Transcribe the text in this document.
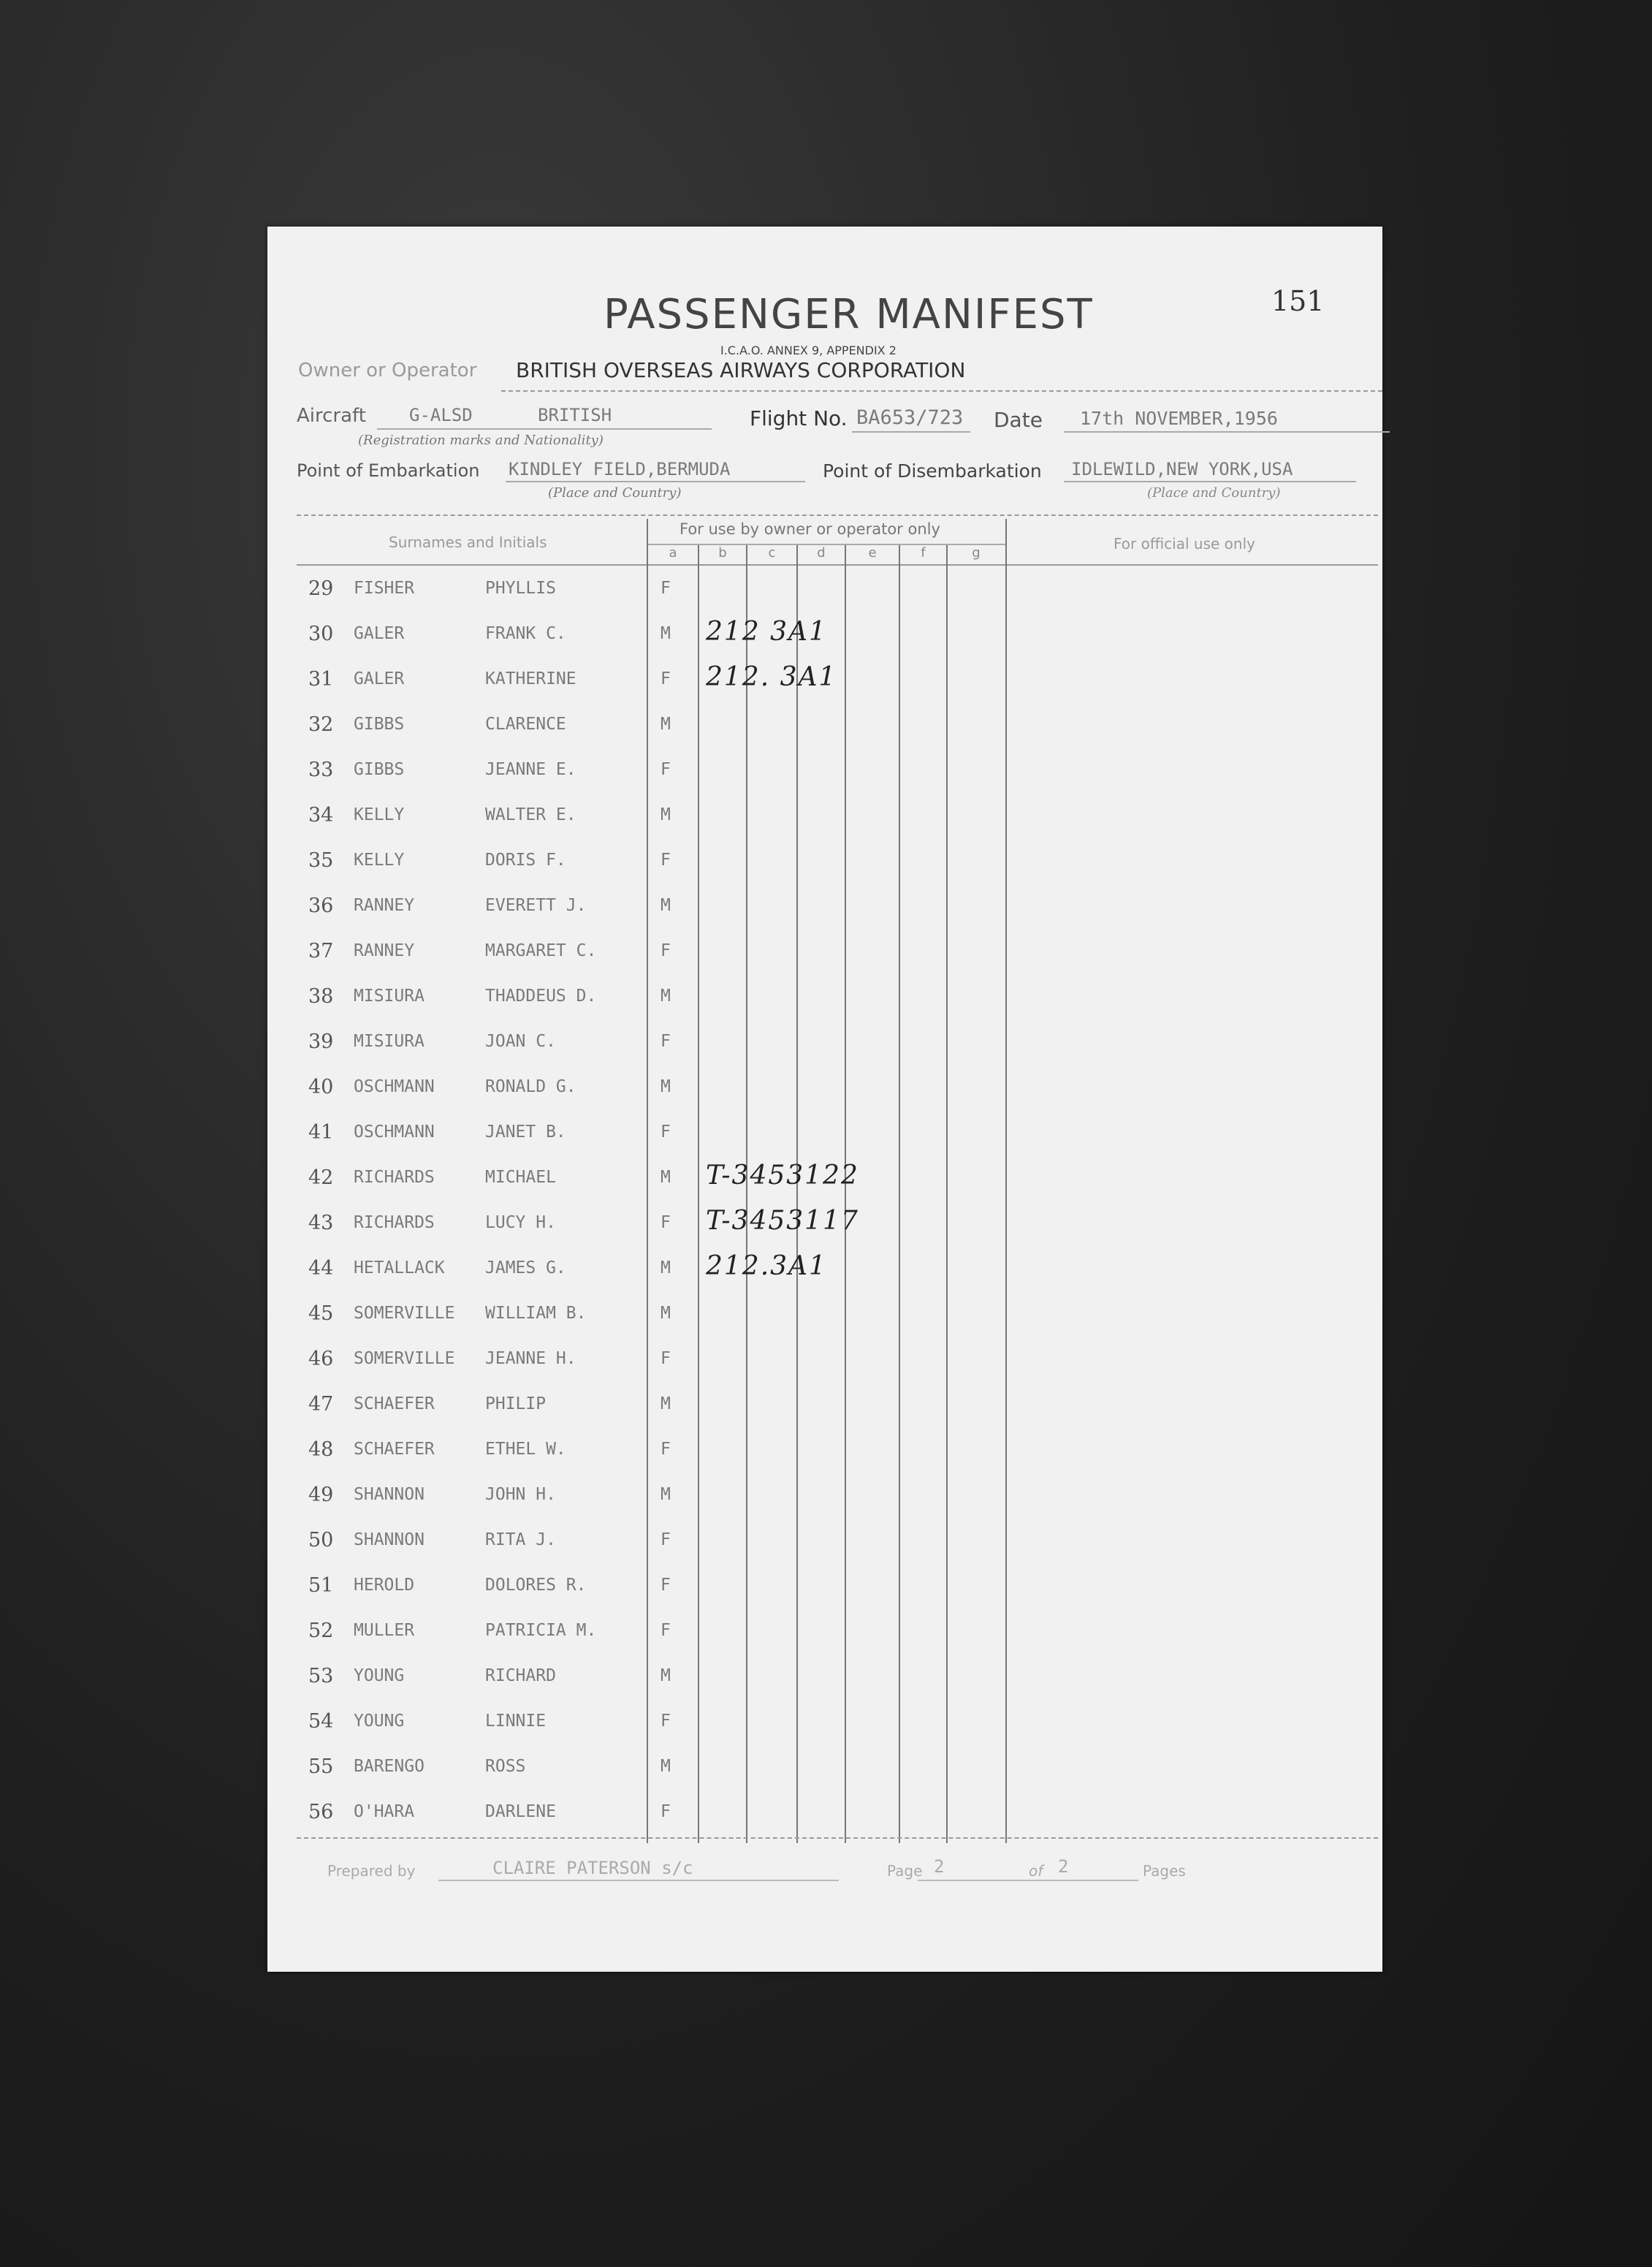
151
PASSENGER MANIFEST
I.C.A.O. ANNEX 9, APPENDIX 2
Owner or Operator BRITISH OVERSEAS AIRWAYS CORPORATION
Aircraft G-ALSD	BRITISH
(Registration marks and Nationality)
Flight No. BA653/723 Date 17th NOVEMBER,1956
Point of Embarkation KINDLEY FIELD,BERMUDA
(Place and Country)
Point of Disembarkation IDLEWILD,NEW YORK,USA
(Place and Country)
Surnames and Initials
For use by owner or operator only
For official use only
a	b	c	d	e	f	g
29 FISHER	PHYLLIS	F
30 GALER	FRANK C.	M 212 3A1
31 GALER	KATHERINE	F 212. 3A1
32 GIBBS	CLARENCE	M
33 GIBBS	JEANNE E.	F
34 KELLY	WALTER E.	M
35 KELLY	DORIS F.	F
36 RANNEY	EVERETT J.	M
37 RANNEY	MARGARET C.	F
38 MISIURA	THADDEUS D.	M
39 MISIURA	JOAN C.	F
40 OSCHMANN	RONALD G.	M
41 OSCHMANN	JANET B.	F
42 RICHARDS	MICHAEL	M T-3453122
43 RICHARDS	LUCY H.	F T-3453117
44 HETALLACK JAMES G.	M 212.3A1
45 SOMERVILLE WILLIAM B.	M
46 SOMERVILLE JEANNE H.	F
47 SCHAEFER	PHILIP	M
48 SCHAEFER	ETHEL W.	F
49 SHANNON	JOHN H.	M
50 SHANNON	RITA J.	F
51 HEROLD	DOLORES R.	F
52 MULLER	PATRICIA M.	F
53 YOUNG	RICHARD	M
54 YOUNG	LINNIE	F
55 BARENGO	ROSS	M
56 O'HARA	DARLENE	F
Prepared by	CLAIRE PATERSON s/c	Page 2	of 2	Pages
